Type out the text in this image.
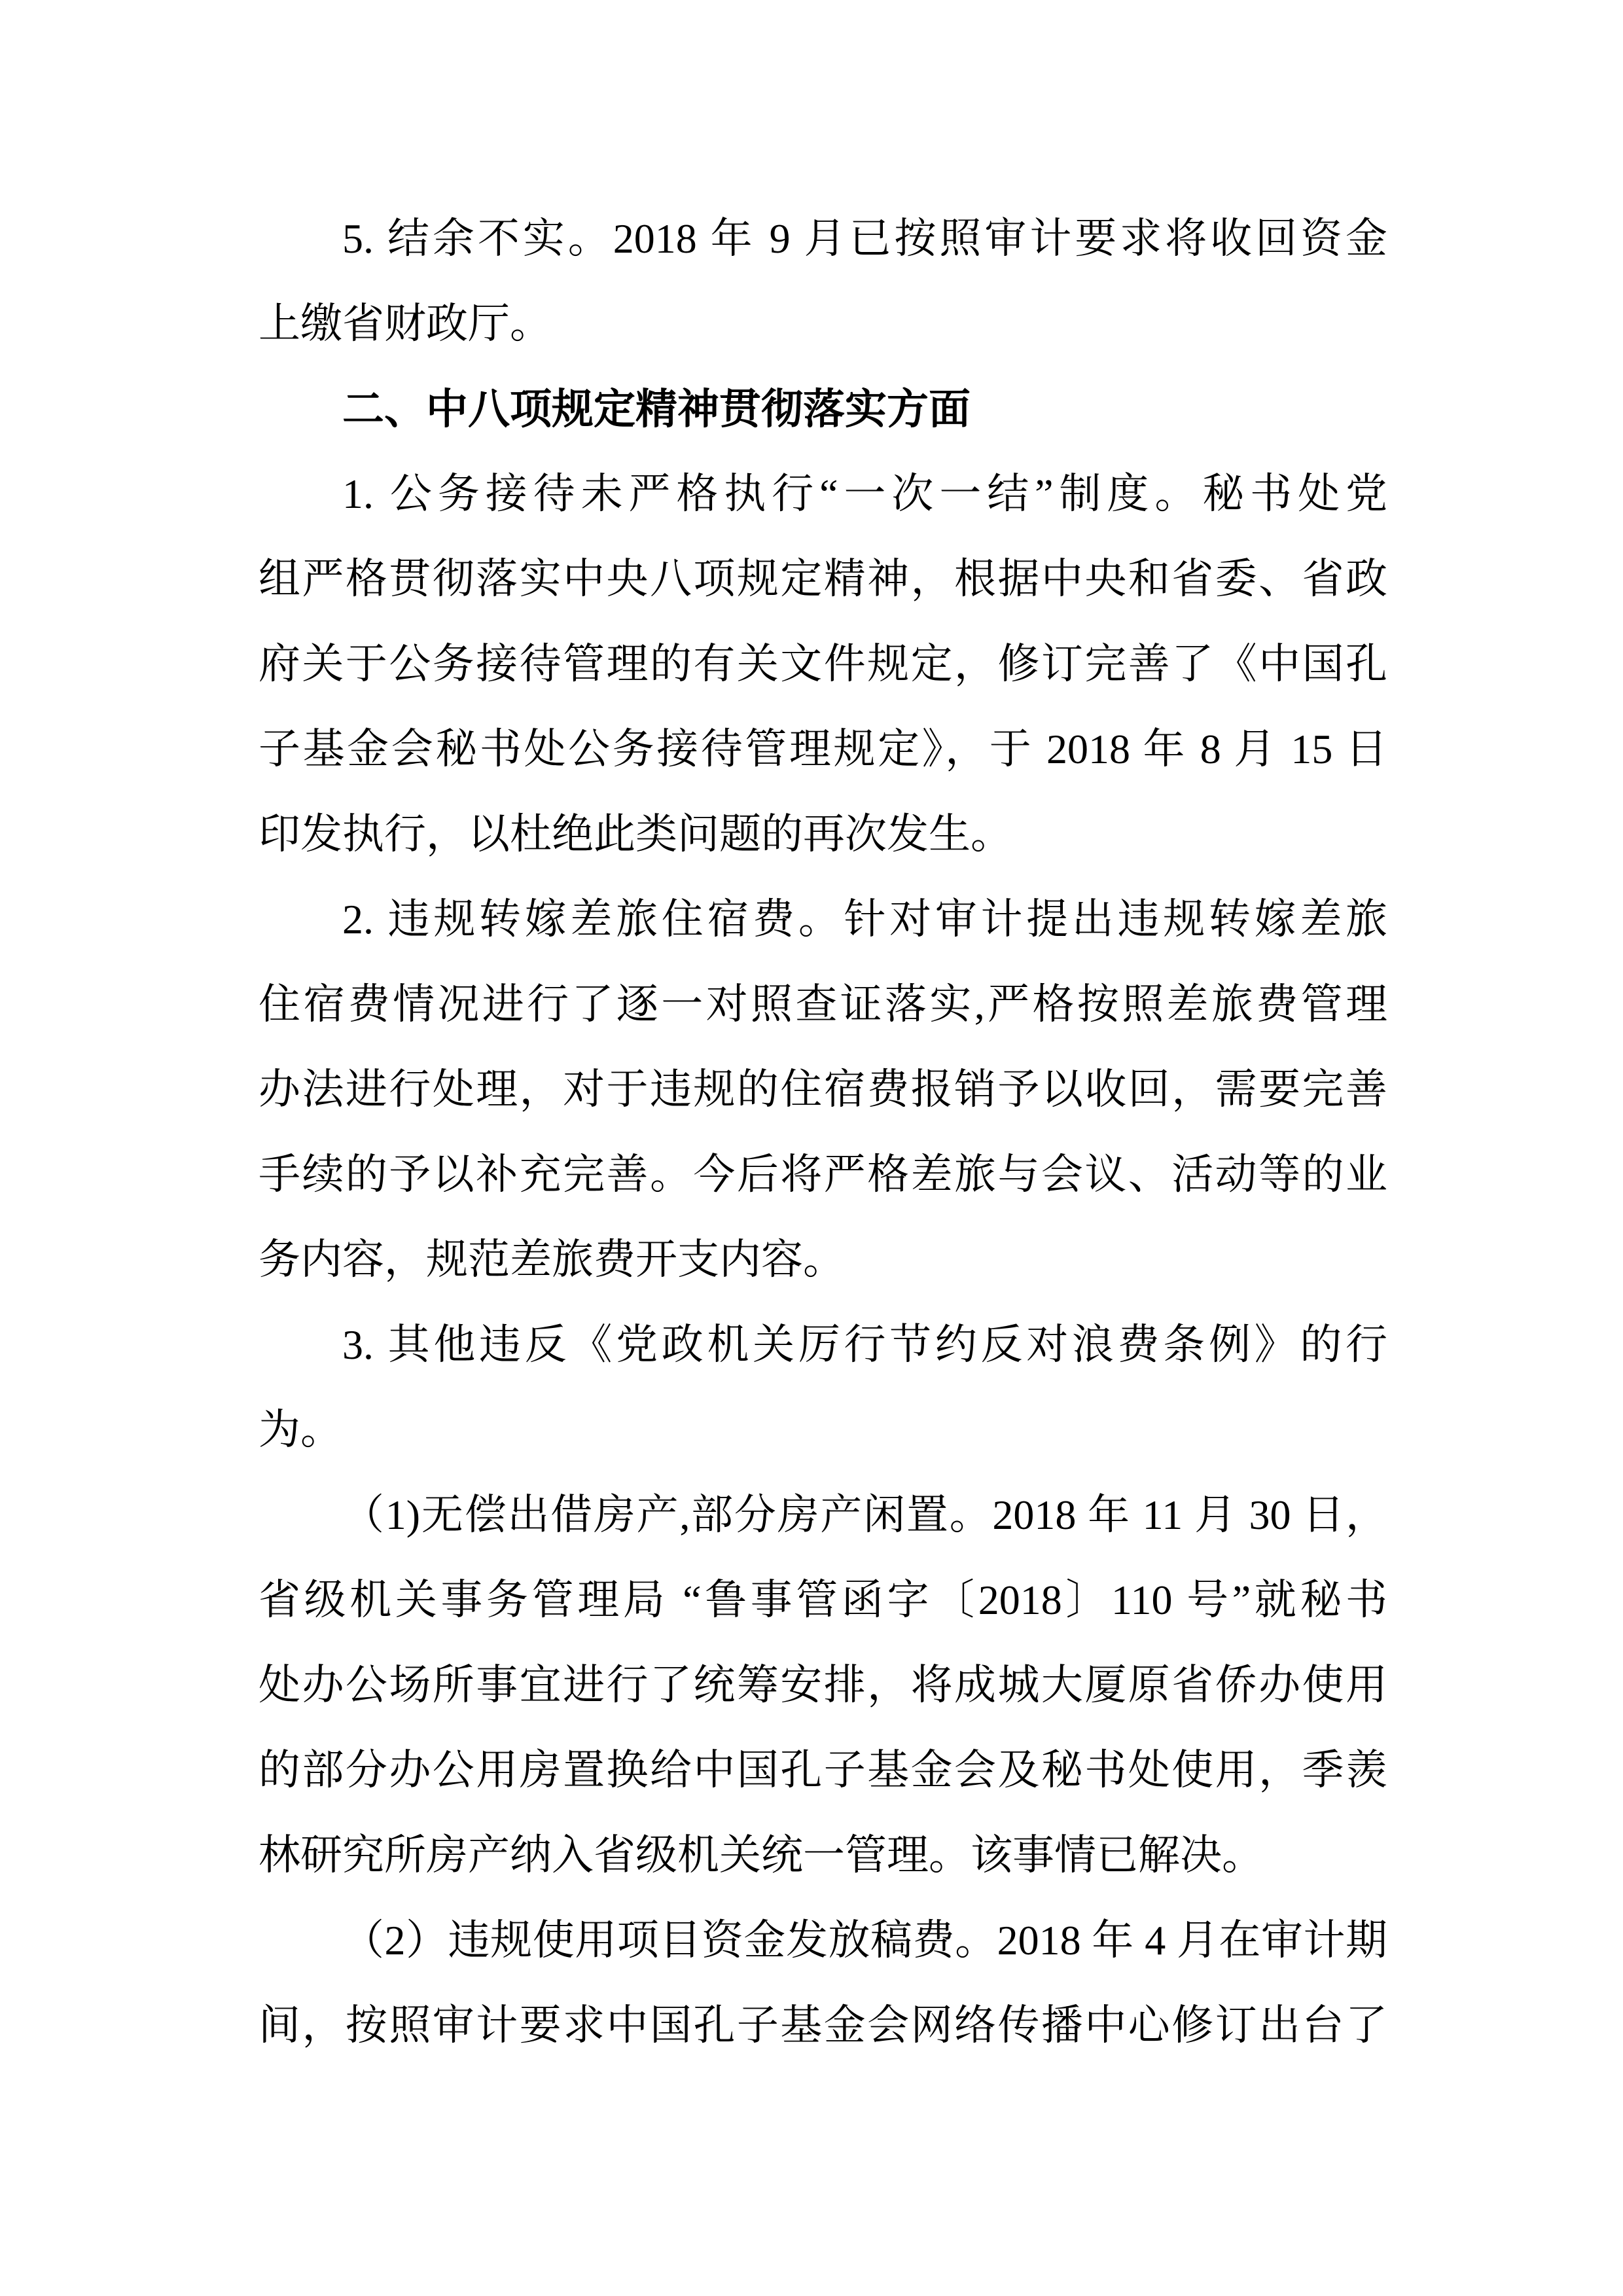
5. 结余不实。2018 年 9 月已按照审计要求将收回资金
上缴省财政厅。
二、中八项规定精神贯彻落实方面
1. 公务接待未严格执行“一次一结”制度。秘书处党
组严格贯彻落实中央八项规定精神，根据中央和省委、省政
府关于公务接待管理的有关文件规定，修订完善了《中国孔
子基金会秘书处公务接待管理规定》，于 2018 年 8 月 15 日
印发执行，以杜绝此类问题的再次发生。
2. 违规转嫁差旅住宿费。针对审计提出违规转嫁差旅
住宿费情况进行了逐一对照查证落实,严格按照差旅费管理
办法进行处理，对于违规的住宿费报销予以收回，需要完善
手续的予以补充完善。今后将严格差旅与会议、活动等的业
务内容，规范差旅费开支内容。
3. 其他违反《党政机关厉行节约反对浪费条例》的行
为。
（1)无偿出借房产,部分房产闲置。2018 年 11 月 30 日，
省级机关事务管理局 “鲁事管函字〔2018〕110 号”就秘书
处办公场所事宜进行了统筹安排，将成城大厦原省侨办使用
的部分办公用房置换给中国孔子基金会及秘书处使用，季羡
林研究所房产纳入省级机关统一管理。该事情已解决。
（2）违规使用项目资金发放稿费。2018 年 4 月在审计期
间，按照审计要求中国孔子基金会网络传播中心修订出台了
